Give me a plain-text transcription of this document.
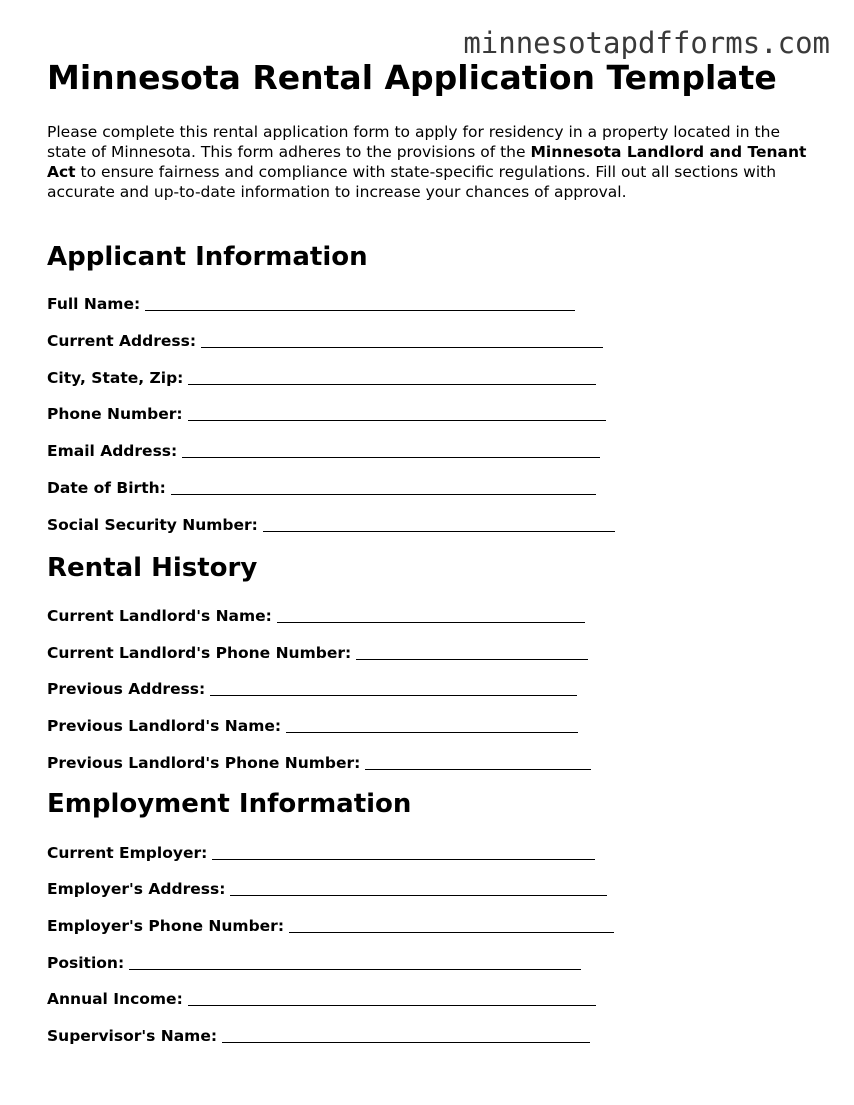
minnesotapdfforms.com
Minnesota Rental Application Template

Please complete this rental application form to apply for residency in a property located in the state of Minnesota. This form adheres to the provisions of the Minnesota Landlord and Tenant Act to ensure fairness and compliance with state-specific regulations. Fill out all sections with accurate and up-to-date information to increase your chances of approval.

Applicant Information
Full Name:
Current Address:
City, State, Zip:
Phone Number:
Email Address:
Date of Birth:
Social Security Number:
Rental History
Current Landlord's Name:
Current Landlord's Phone Number:
Previous Address:
Previous Landlord's Name:
Previous Landlord's Phone Number:
Employment Information
Current Employer:
Employer's Address:
Employer's Phone Number:
Position:
Annual Income:
Supervisor's Name:
